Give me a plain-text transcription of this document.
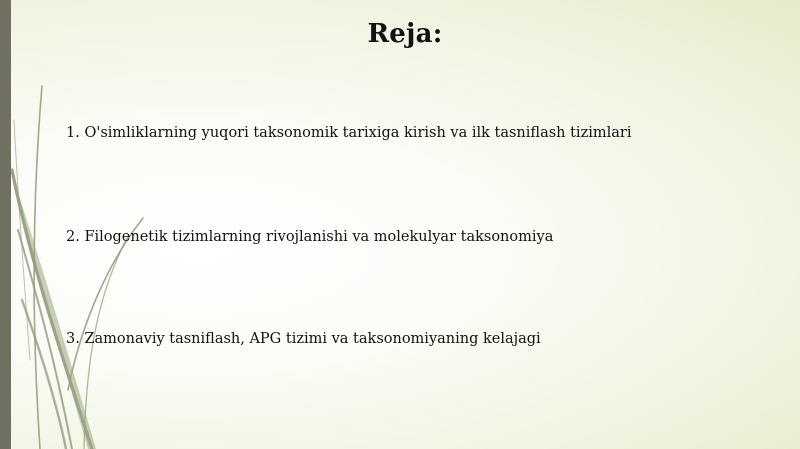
Reja:
1. O'simliklarning yuqori taksonomik tarixiga kirish va ilk tasniflash tizimlari
2. Filogenetik tizimlarning rivojlanishi va molekulyar taksonomiya
3. Zamonaviy tasniflash, APG tizimi va taksonomiyaning kelajagi
